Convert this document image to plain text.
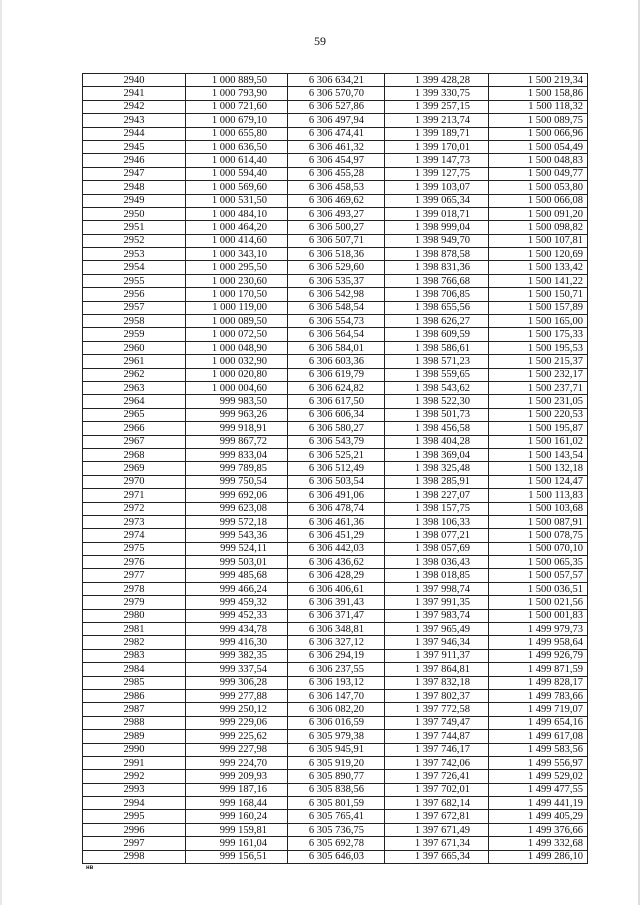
59
2940	1 000 889,50	6 306 634,21	1 399 428,28	1 500 219,34
2941	1 000 793,90	6 306 570,70	1 399 330,75	1 500 158,86
2942	1 000 721,60	6 306 527,86	1 399 257,15	1 500 118,32
2943	1 000 679,10	6 306 497,94	1 399 213,74	1 500 089,75
2944	1 000 655,80	6 306 474,41	1 399 189,71	1 500 066,96
2945	1 000 636,50	6 306 461,32	1 399 170,01	1 500 054,49
2946	1 000 614,40	6 306 454,97	1 399 147,73	1 500 048,83
2947	1 000 594,40	6 306 455,28	1 399 127,75	1 500 049,77
2948	1 000 569,60	6 306 458,53	1 399 103,07	1 500 053,80
2949	1 000 531,50	6 306 469,62	1 399 065,34	1 500 066,08
2950	1 000 484,10	6 306 493,27	1 399 018,71	1 500 091,20
2951	1 000 464,20	6 306 500,27	1 398 999,04	1 500 098,82
2952	1 000 414,60	6 306 507,71	1 398 949,70	1 500 107,81
2953	1 000 343,10	6 306 518,36	1 398 878,58	1 500 120,69
2954	1 000 295,50	6 306 529,60	1 398 831,36	1 500 133,42
2955	1 000 230,60	6 306 535,37	1 398 766,68	1 500 141,22
2956	1 000 170,50	6 306 542,98	1 398 706,85	1 500 150,71
2957	1 000 119,00	6 306 548,54	1 398 655,56	1 500 157,89
2958	1 000 089,50	6 306 554,73	1 398 626,27	1 500 165,00
2959	1 000 072,50	6 306 564,54	1 398 609,59	1 500 175,33
2960	1 000 048,90	6 306 584,01	1 398 586,61	1 500 195,53
2961	1 000 032,90	6 306 603,36	1 398 571,23	1 500 215,37
2962	1 000 020,80	6 306 619,79	1 398 559,65	1 500 232,17
2963	1 000 004,60	6 306 624,82	1 398 543,62	1 500 237,71
2964	999 983,50	6 306 617,50	1 398 522,30	1 500 231,05
2965	999 963,26	6 306 606,34	1 398 501,73	1 500 220,53
2966	999 918,91	6 306 580,27	1 398 456,58	1 500 195,87
2967	999 867,72	6 306 543,79	1 398 404,28	1 500 161,02
2968	999 833,04	6 306 525,21	1 398 369,04	1 500 143,54
2969	999 789,85	6 306 512,49	1 398 325,48	1 500 132,18
2970	999 750,54	6 306 503,54	1 398 285,91	1 500 124,47
2971	999 692,06	6 306 491,06	1 398 227,07	1 500 113,83
2972	999 623,08	6 306 478,74	1 398 157,75	1 500 103,68
2973	999 572,18	6 306 461,36	1 398 106,33	1 500 087,91
2974	999 543,36	6 306 451,29	1 398 077,21	1 500 078,75
2975	999 524,11	6 306 442,03	1 398 057,69	1 500 070,10
2976	999 503,01	6 306 436,62	1 398 036,43	1 500 065,35
2977	999 485,68	6 306 428,29	1 398 018,85	1 500 057,57
2978	999 466,24	6 306 406,61	1 397 998,74	1 500 036,51
2979	999 459,32	6 306 391,43	1 397 991,35	1 500 021,56
2980	999 452,33	6 306 371,47	1 397 983,74	1 500 001,83
2981	999 434,78	6 306 348,81	1 397 965,49	1 499 979,73
2982	999 416,30	6 306 327,12	1 397 946,34	1 499 958,64
2983	999 382,35	6 306 294,19	1 397 911,37	1 499 926,79
2984	999 337,54	6 306 237,55	1 397 864,81	1 499 871,59
2985	999 306,28	6 306 193,12	1 397 832,18	1 499 828,17
2986	999 277,88	6 306 147,70	1 397 802,37	1 499 783,66
2987	999 250,12	6 306 082,20	1 397 772,58	1 499 719,07
2988	999 229,06	6 306 016,59	1 397 749,47	1 499 654,16
2989	999 225,62	6 305 979,38	1 397 744,87	1 499 617,08
2990	999 227,98	6 305 945,91	1 397 746,17	1 499 583,56
2991	999 224,70	6 305 919,20	1 397 742,06	1 499 556,97
2992	999 209,93	6 305 890,77	1 397 726,41	1 499 529,02
2993	999 187,16	6 305 838,56	1 397 702,01	1 499 477,55
2994	999 168,44	6 305 801,59	1 397 682,14	1 499 441,19
2995	999 160,24	6 305 765,41	1 397 672,81	1 499 405,29
2996	999 159,81	6 305 736,75	1 397 671,49	1 499 376,66
2997	999 161,04	6 305 692,78	1 397 671,34	1 499 332,68
2998	999 156,51	6 305 646,03	1 397 665,34	1 499 286,10
нв
